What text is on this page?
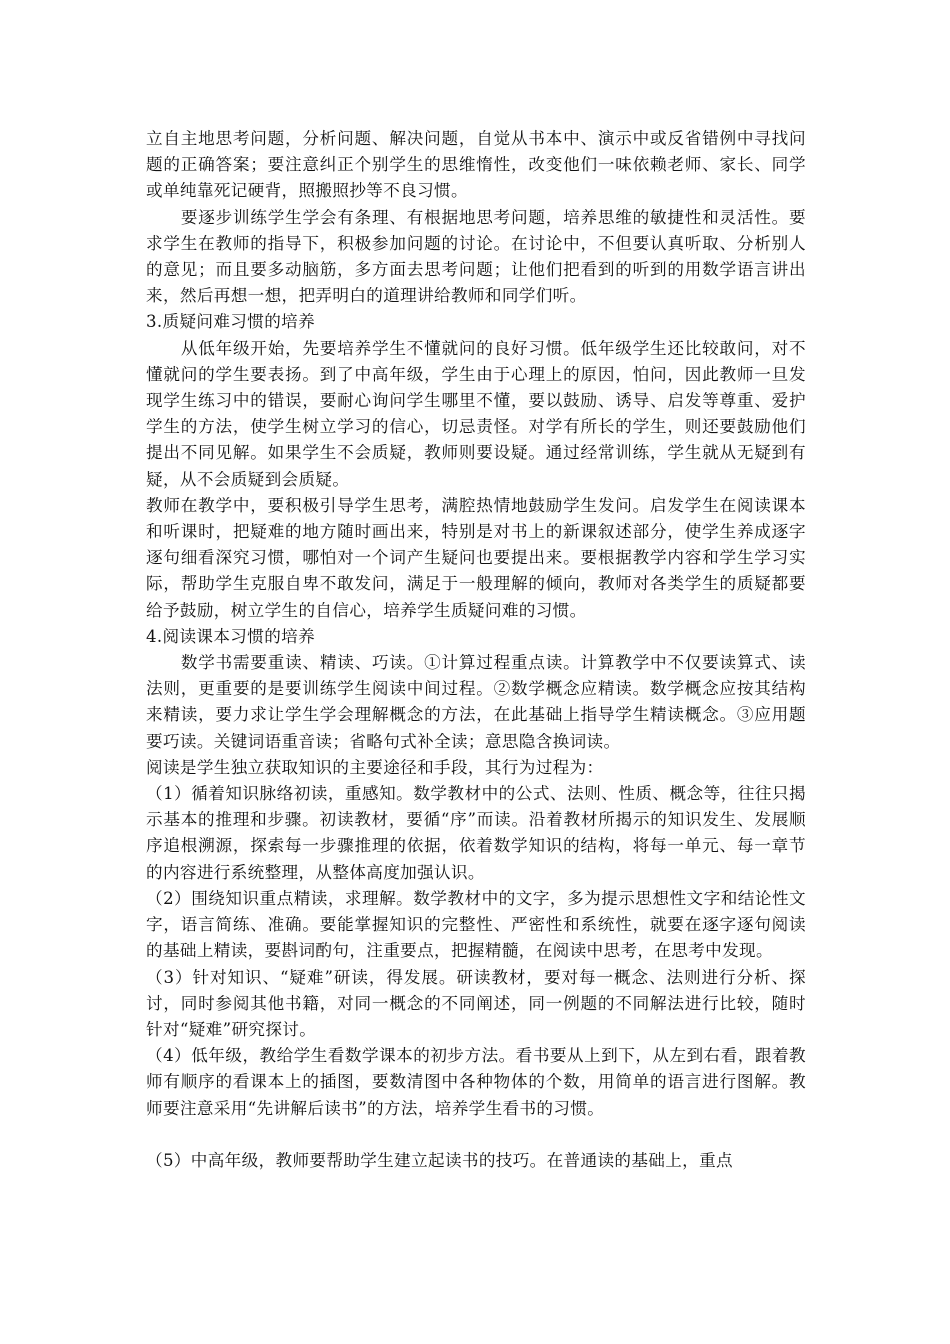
立自主地思考问题，分析问题、解决问题，自觉从书本中、演示中或反省错例中寻找问题的正确答案；要注意纠正个别学生的思维惰性，改变他们一味依赖老师、家长、同学或单纯靠死记硬背，照搬照抄等不良习惯。

要逐步训练学生学会有条理、有根据地思考问题，培养思维的敏捷性和灵活性。要求学生在教师的指导下，积极参加问题的讨论。在讨论中，不但要认真听取、分析别人的意见；而且要多动脑筋，多方面去思考问题；让他们把看到的听到的用数学语言讲出来，然后再想一想，把弄明白的道理讲给教师和同学们听。

3.质疑问难习惯的培养

从低年级开始，先要培养学生不懂就问的良好习惯。低年级学生还比较敢问，对不懂就问的学生要表扬。到了中高年级，学生由于心理上的原因，怕问，因此教师一旦发现学生练习中的错误，要耐心询问学生哪里不懂，要以鼓励、诱导、启发等尊重、爱护学生的方法，使学生树立学习的信心，切忌责怪。对学有所长的学生，则还要鼓励他们提出不同见解。如果学生不会质疑，教师则要设疑。通过经常训练，学生就从无疑到有疑，从不会质疑到会质疑。

教师在教学中，要积极引导学生思考，满腔热情地鼓励学生发问。启发学生在阅读课本和听课时，把疑难的地方随时画出来，特别是对书上的新课叙述部分，使学生养成逐字逐句细看深究习惯，哪怕对一个词产生疑问也要提出来。要根据教学内容和学生学习实际，帮助学生克服自卑不敢发问，满足于一般理解的倾向，教师对各类学生的质疑都要给予鼓励，树立学生的自信心，培养学生质疑问难的习惯。

4.阅读课本习惯的培养

数学书需要重读、精读、巧读。①计算过程重点读。计算教学中不仅要读算式、读法则，更重要的是要训练学生阅读中间过程。②数学概念应精读。数学概念应按其结构来精读，要力求让学生学会理解概念的方法，在此基础上指导学生精读概念。③应用题要巧读。关键词语重音读；省略句式补全读；意思隐含换词读。

阅读是学生独立获取知识的主要途径和手段，其行为过程为：

（1）循着知识脉络初读，重感知。数学教材中的公式、法则、性质、概念等，往往只揭示基本的推理和步骤。初读教材，要循“序”而读。沿着教材所揭示的知识发生、发展顺序追根溯源，探索每一步骤推理的依据，依着数学知识的结构，将每一单元、每一章节的内容进行系统整理，从整体高度加强认识。

（2）围绕知识重点精读，求理解。数学教材中的文字，多为提示思想性文字和结论性文字，语言简练、准确。要能掌握知识的完整性、严密性和系统性，就要在逐字逐句阅读的基础上精读，要斟词酌句，注重要点，把握精髓，在阅读中思考，在思考中发现。

（3）针对知识、“疑难”研读，得发展。研读教材，要对每一概念、法则进行分析、探讨，同时参阅其他书籍，对同一概念的不同阐述，同一例题的不同解法进行比较，随时针对“疑难”研究探讨。

（4）低年级，教给学生看数学课本的初步方法。看书要从上到下，从左到右看，跟着教师有顺序的看课本上的插图，要数清图中各种物体的个数，用简单的语言进行图解。教师要注意采用“先讲解后读书”的方法，培养学生看书的习惯。

（5）中高年级，教师要帮助学生建立起读书的技巧。在普通读的基础上，重点
